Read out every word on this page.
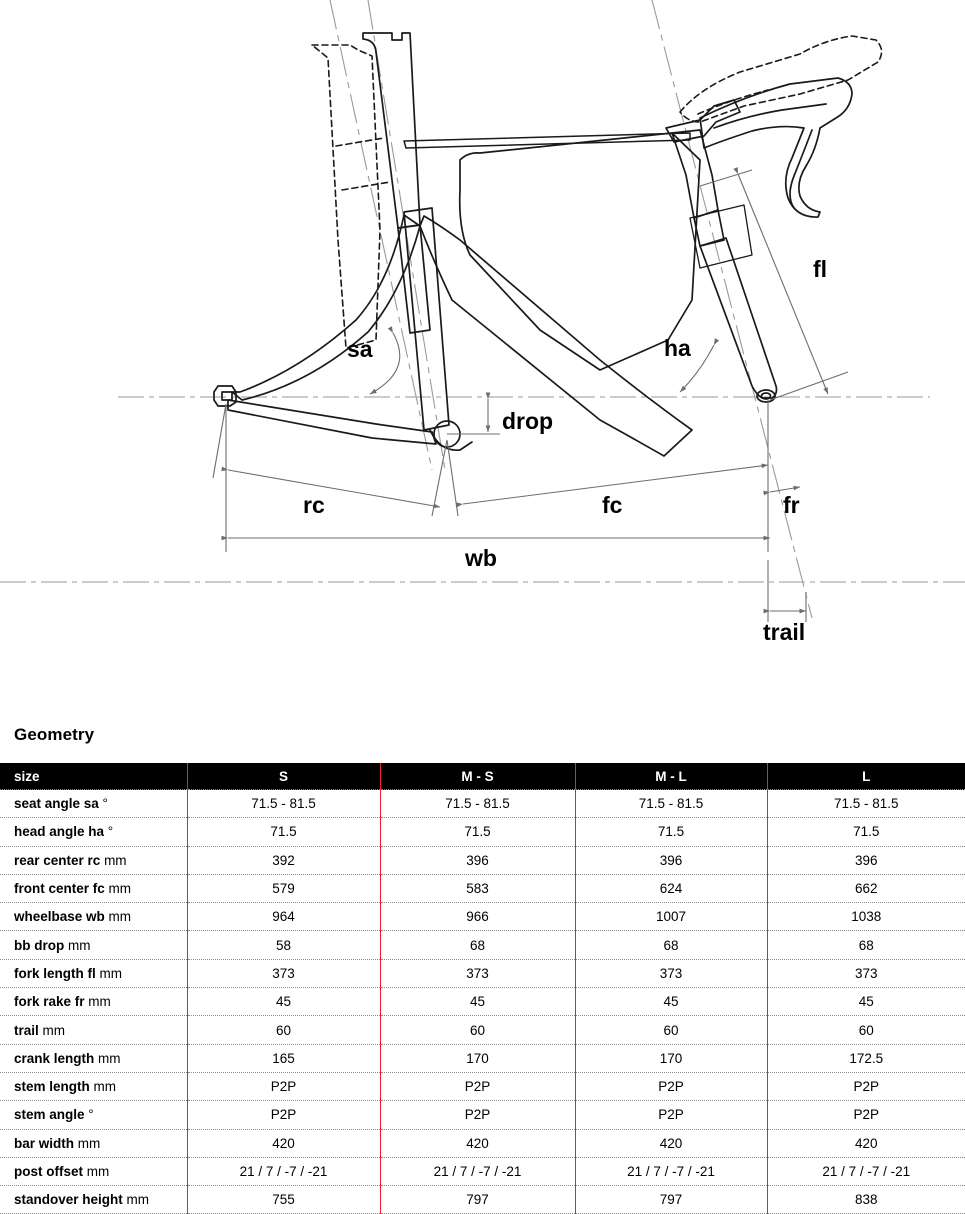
sa
drop
ha
fl
rc	fc	fr
wb
trail
Geometry
size	S	M - S	M - L	L
seat angle sa °	71.5 - 81.5	71.5 - 81.5	71.5 - 81.5	71.5 - 81.5
head angle ha °	71.5	71.5	71.5	71.5
rear center rc mm	392	396	396	396
front center fc mm	579	583	624	662
wheelbase wb mm	964	966	1007	1038
bb drop mm	58	68	68	68
fork length fl mm	373	373	373	373
fork rake fr mm	45	45	45	45
trail mm	60	60	60	60
crank length mm	165	170	170	172.5
stem length mm	P2P	P2P	P2P	P2P
stem angle °	P2P	P2P	P2P	P2P
bar width mm	420	420	420	420
post offset mm	21 / 7 / -7 / -21	21 / 7 / -7 / -21	21 / 7 / -7 / -21	21 / 7 / -7 / -21
standover height mm	755	797	797	838
